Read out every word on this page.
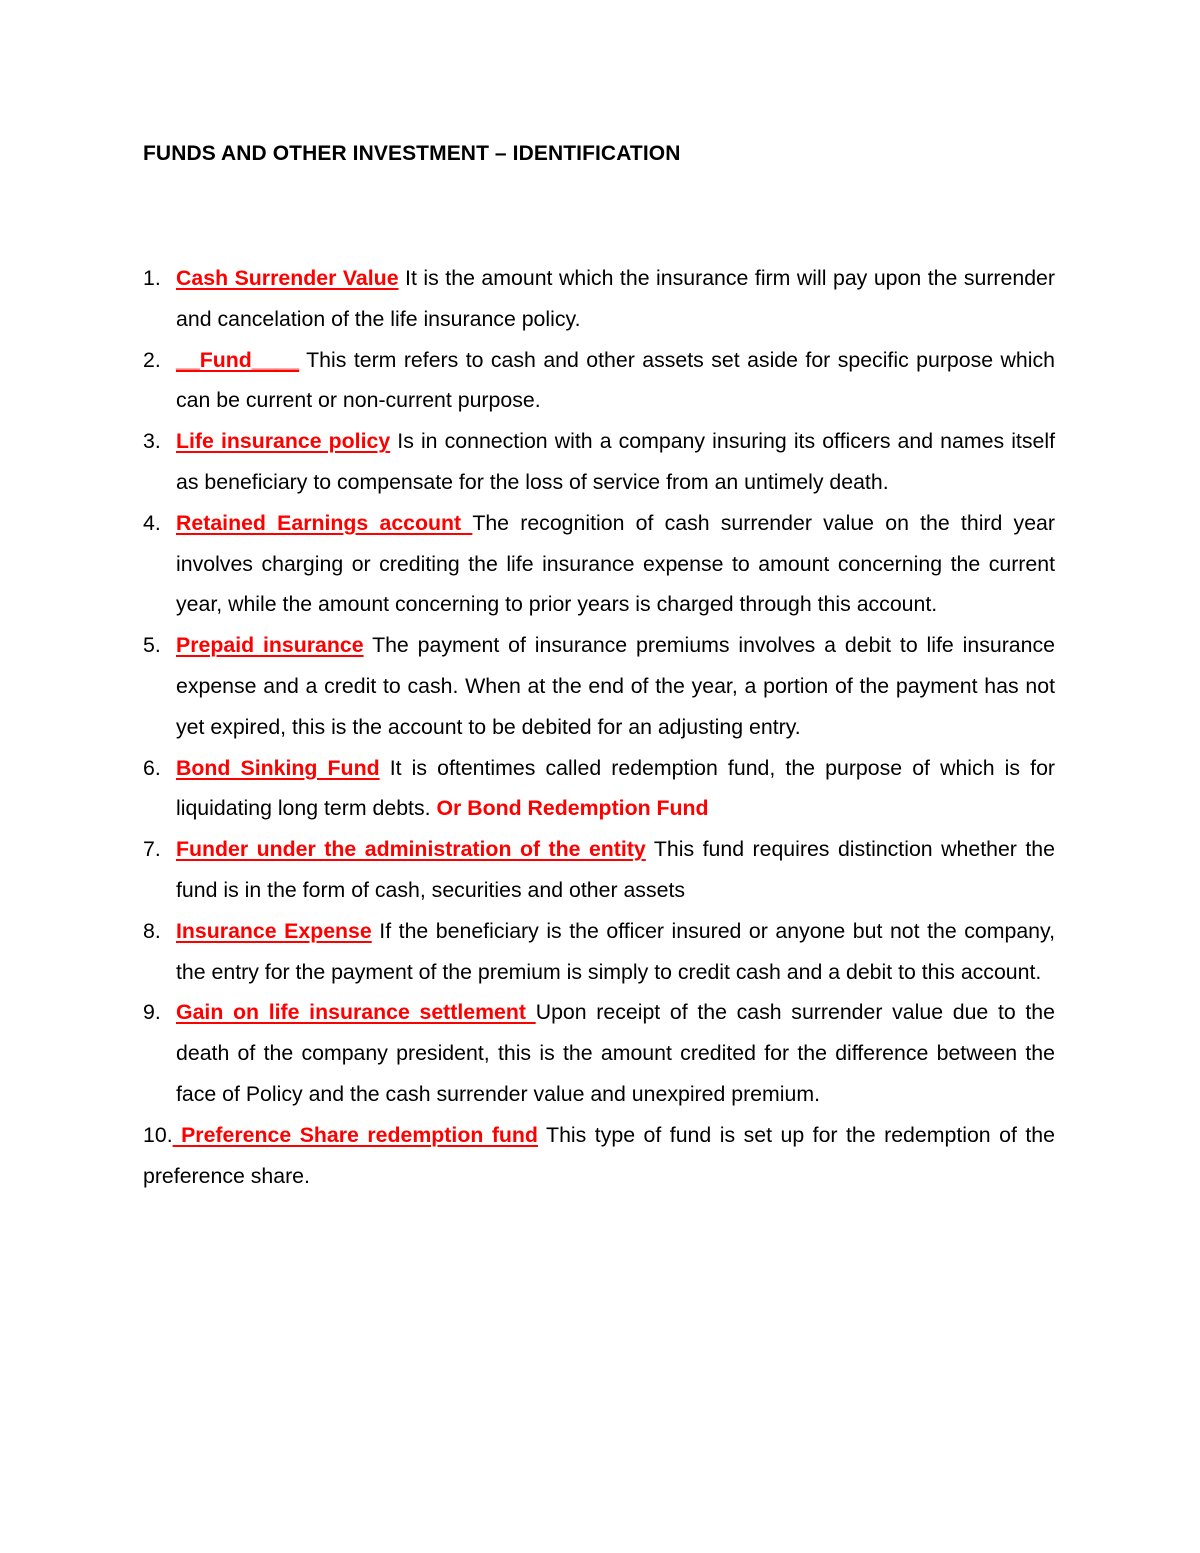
FUNDS AND OTHER INVESTMENT – IDENTIFICATION
1. Cash Surrender Value It is the amount which the insurance firm will pay upon the surrender and cancelation of the life insurance policy.
2. __Fund____ This term refers to cash and other assets set aside for specific purpose which can be current or non-current purpose.
3. Life insurance policy Is in connection with a company insuring its officers and names itself as beneficiary to compensate for the loss of service from an untimely death.
4. Retained Earnings account The recognition of cash surrender value on the third year involves charging or crediting the life insurance expense to amount concerning the current year, while the amount concerning to prior years is charged through this account.
5. Prepaid insurance The payment of insurance premiums involves a debit to life insurance expense and a credit to cash. When at the end of the year, a portion of the payment has not yet expired, this is the account to be debited for an adjusting entry.
6. Bond Sinking Fund It is oftentimes called redemption fund, the purpose of which is for liquidating long term debts. Or Bond Redemption Fund
7. Funder under the administration of the entity This fund requires distinction whether the fund is in the form of cash, securities and other assets
8. Insurance Expense If the beneficiary is the officer insured or anyone but not the company, the entry for the payment of the premium is simply to credit cash and a debit to this account.
9. Gain on life insurance settlement Upon receipt of the cash surrender value due to the death of the company president, this is the amount credited for the difference between the face of Policy and the cash surrender value and unexpired premium.
10. Preference Share redemption fund This type of fund is set up for the redemption of the preference share.
